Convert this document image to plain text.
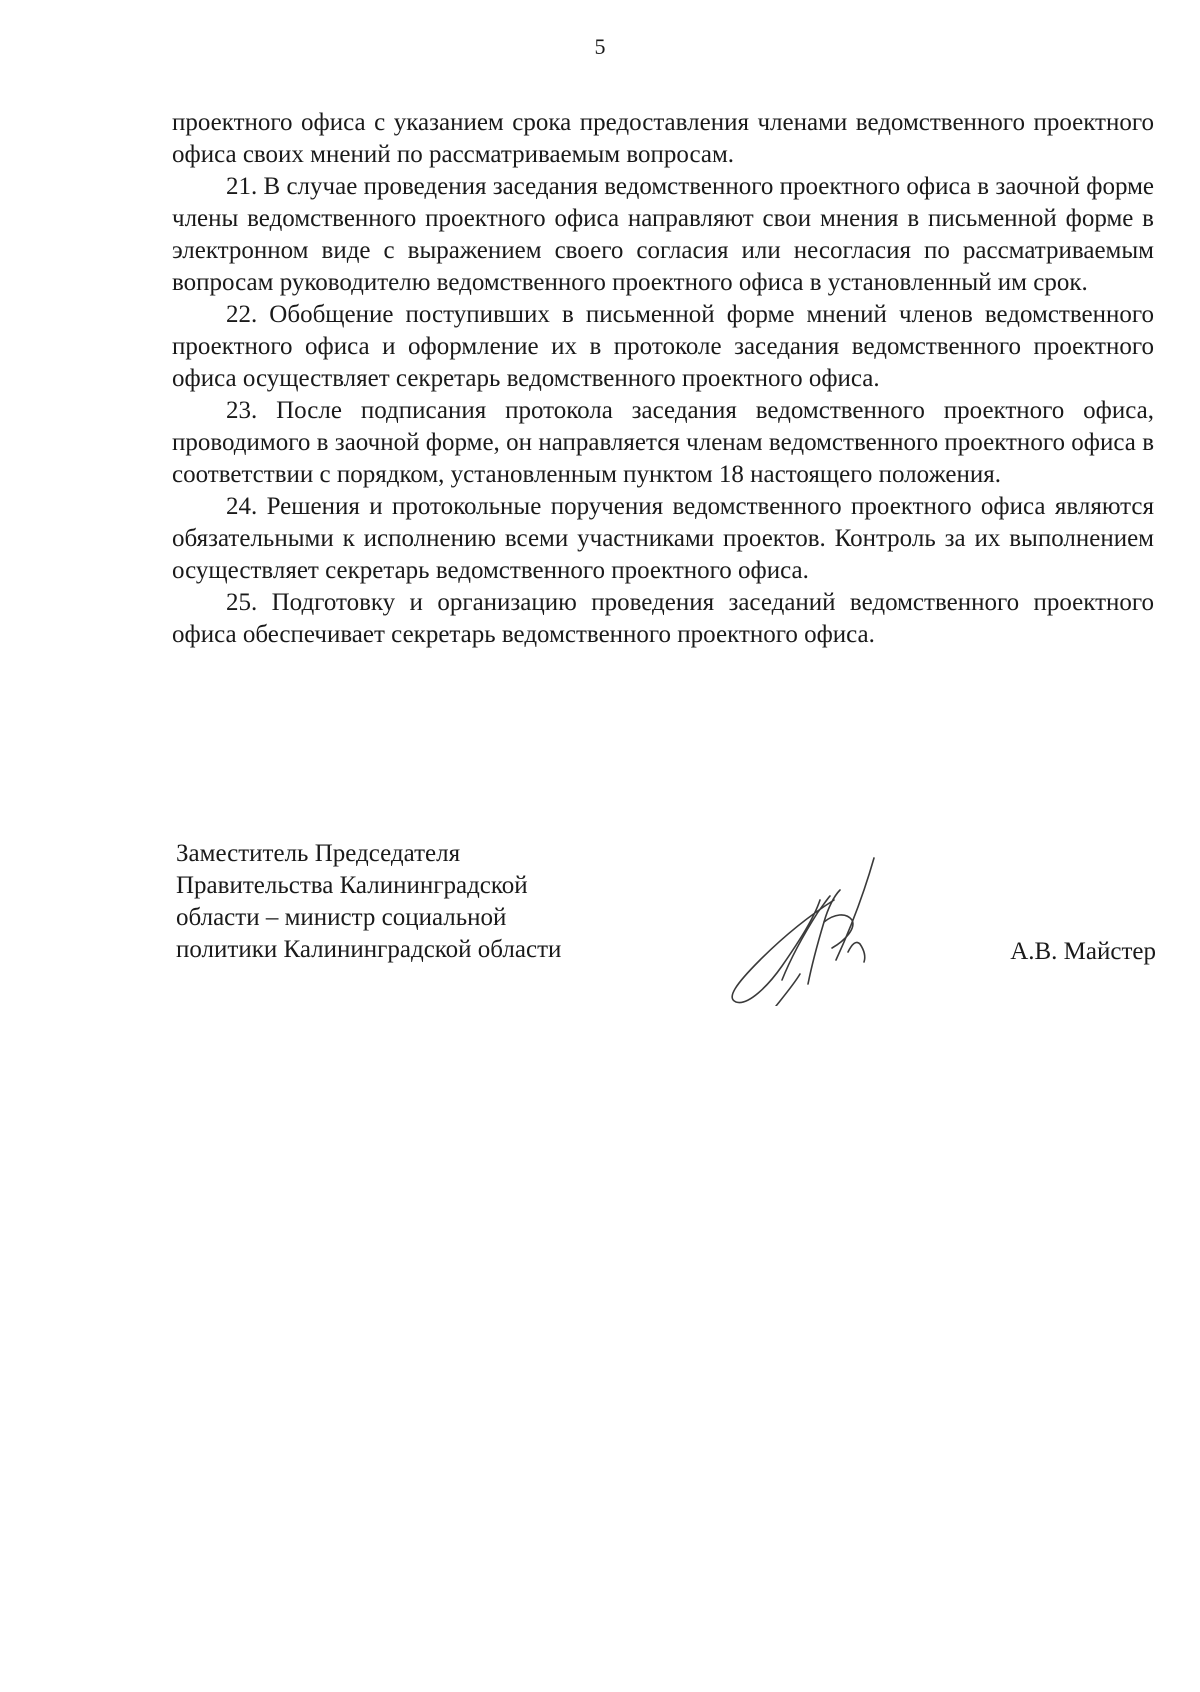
5

проектного офиса с указанием срока предоставления членами ведомственного проектного офиса своих мнений по рассматриваемым вопросам.

21. В случае проведения заседания ведомственного проектного офиса в заочной форме члены ведомственного проектного офиса направляют свои мнения в письменной форме в электронном виде с выражением своего согласия или несогласия по рассматриваемым вопросам руководителю ведомственного проектного офиса в установленный им срок.

22. Обобщение поступивших в письменной форме мнений членов ведомственного проектного офиса и оформление их в протоколе заседания ведомственного проектного офиса осуществляет секретарь ведомственного проектного офиса.

23. После подписания протокола заседания ведомственного проектного офиса, проводимого в заочной форме, он направляется членам ведомственного проектного офиса в соответствии с порядком, установленным пунктом 18 настоящего положения.

24. Решения и протокольные поручения ведомственного проектного офиса являются обязательными к исполнению всеми участниками проектов. Контроль за их выполнением осуществляет секретарь ведомственного проектного офиса.

25. Подготовку и организацию проведения заседаний ведомственного проектного офиса обеспечивает секретарь ведомственного проектного офиса.

Заместитель Председателя
Правительства Калининградской
области – министр социальной
политики Калининградской области	А.В. Майстер
